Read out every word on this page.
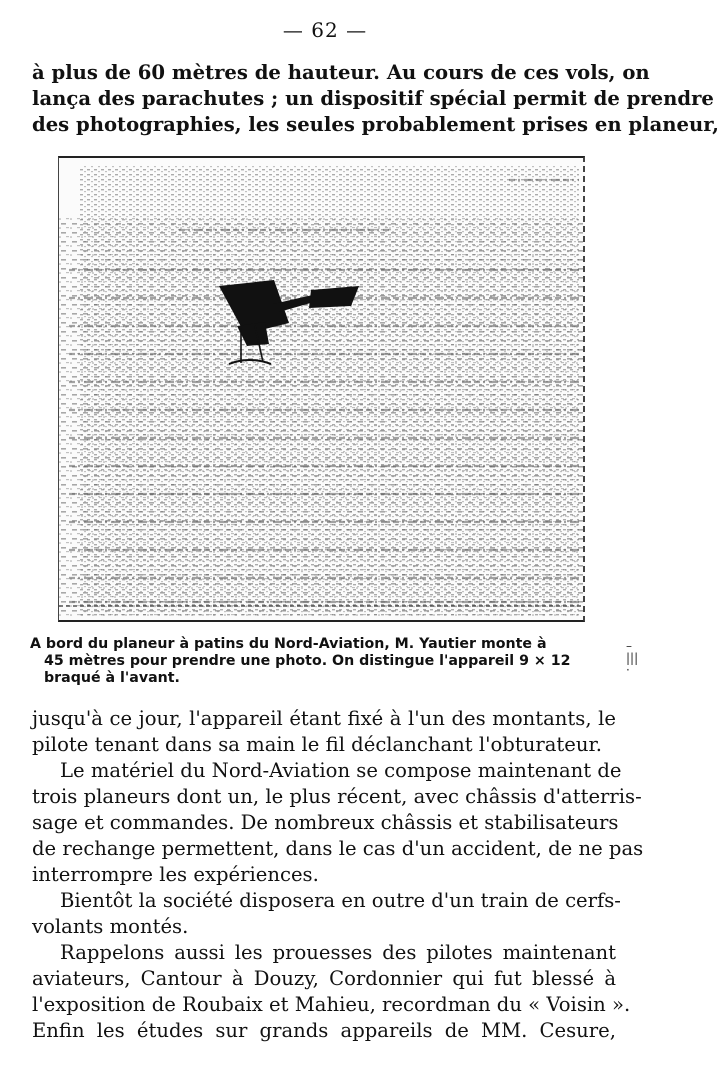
— 62 —
à plus de 60 mètres de hauteur. Au cours de ces vols, on
lança des parachutes ; un dispositif spécial permit de prendre
des photographies, les seules probablement prises en planeur,
A bord du planeur à patins du Nord-Aviation, M. Yautier monte à
45 mètres pour prendre une photo. On distingue l'appareil 9 × 12
braqué à l'avant.
–
|||
·
jusqu'à ce jour, l'appareil étant fixé à l'un des montants, le
pilote tenant dans sa main le fil déclanchant l'obturateur.
Le matériel du Nord-Aviation se compose maintenant de
trois planeurs dont un, le plus récent, avec châssis d'atterris-
sage et commandes. De nombreux châssis et stabilisateurs
de rechange permettent, dans le cas d'un accident, de ne pas
interrompre les expériences.
Bientôt la société disposera en outre d'un train de cerfs-
volants montés.
Rappelons aussi les prouesses des pilotes maintenant
aviateurs, Cantour à Douzy, Cordonnier qui fut blessé à
l'exposition de Roubaix et Mahieu, recordman du « Voisin ».
Enfin les études sur grands appareils de MM. Cesure,
